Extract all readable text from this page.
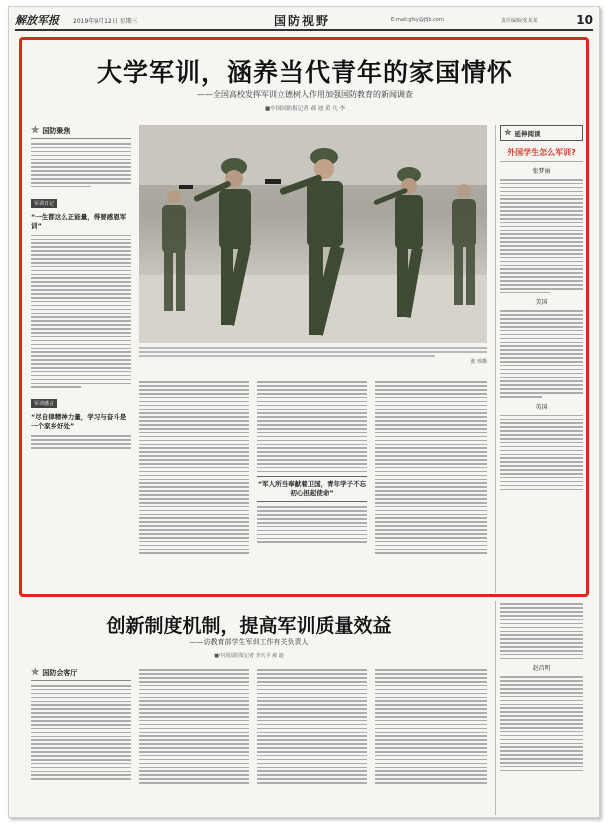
解放军报	2019年9月12日 星期三	国防视野	E-mail:gfsy@jfjb.com	责任编辑/张某某	10
大学军训，涵养当代青年的家国情怀
——全国高校发挥军训立德树人作用加强国防教育的新闻调查
■中国国防报记者 郝 迪 黄 凡 李
✯ 国防聚焦
军训日记
“一生都这么正能量，得要感恩军训”
军训感言
“尽自律精神力量，学习与奋斗是一个家乡好处”
张 伟摄
“军人所当奉献着卫国，青年学子不忘初心担起使命”
✯ 延伸阅读
外国学生怎么军训?
张梦丽
美国
英国
创新制度机制，提高军训质量效益
——访教育部学生军训工作有关负责人
■中国国防报记者 李凡平 郝 迪
✯ 国防会客厅	赵昌明
